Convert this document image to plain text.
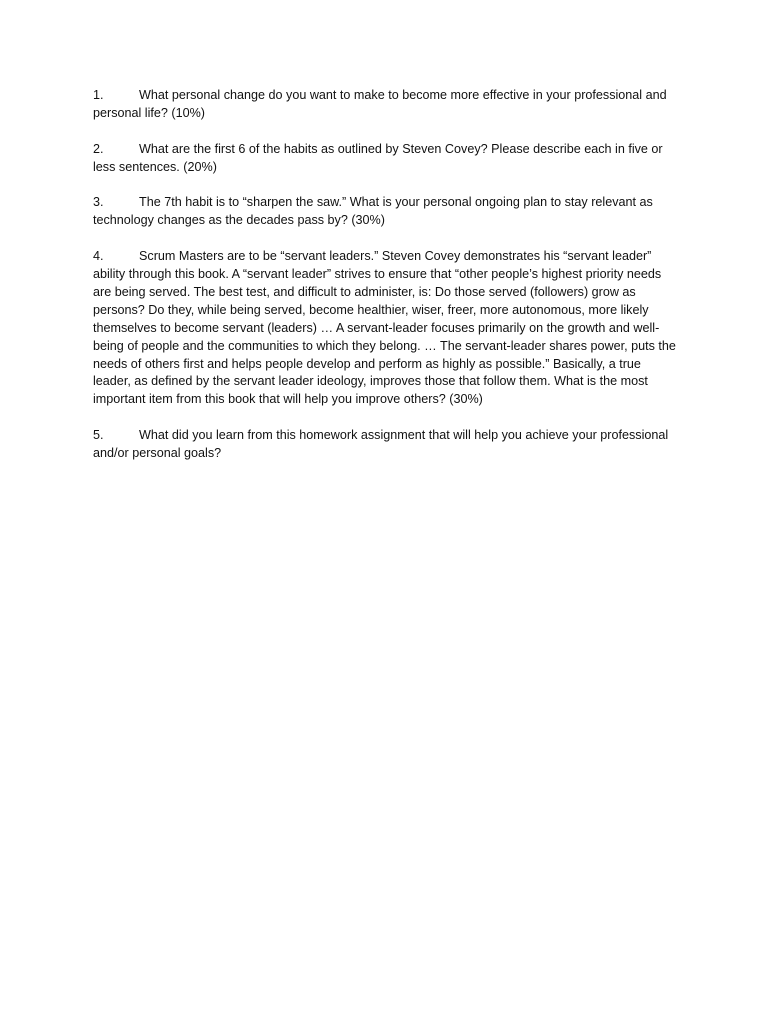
1.	What personal change do you want to make to become more effective in your professional and personal life? (10%)
2.	What are the first 6 of the habits as outlined by Steven Covey? Please describe each in five or less sentences. (20%)
3.	The 7th habit is to “sharpen the saw.” What is your personal ongoing plan to stay relevant as technology changes as the decades pass by? (30%)
4.	Scrum Masters are to be “servant leaders.” Steven Covey demonstrates his “servant leader” ability through this book. A “servant leader” strives to ensure that “other people’s highest priority needs are being served. The best test, and difficult to administer, is: Do those served (followers) grow as persons? Do they, while being served, become healthier, wiser, freer, more autonomous, more likely themselves to become servant (leaders) … A servant-leader focuses primarily on the growth and well-being of people and the communities to which they belong. … The servant-leader shares power, puts the needs of others first and helps people develop and perform as highly as possible.” Basically, a true leader, as defined by the servant leader ideology, improves those that follow them. What is the most important item from this book that will help you improve others? (30%)
5.	What did you learn from this homework assignment that will help you achieve your professional and/or personal goals?
